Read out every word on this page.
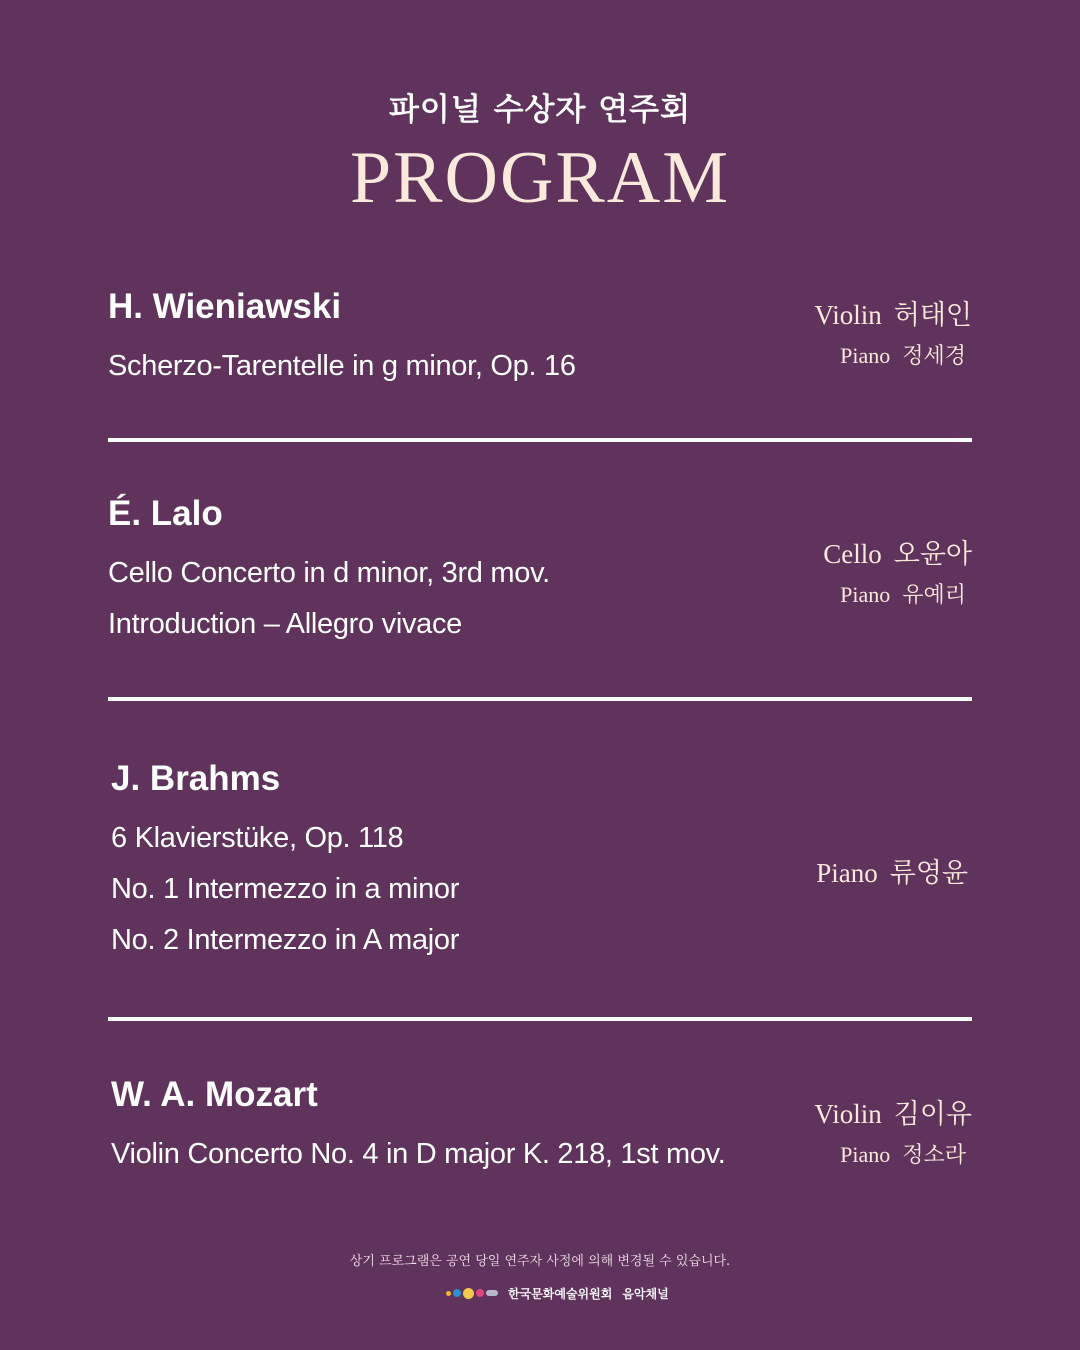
파이널 수상자 연주회
PROGRAM
H. Wieniawski
Scherzo-Tarentelle in g minor, Op. 16
Violin 허태인
Piano 정세경
É. Lalo
Cello Concerto in d minor, 3rd mov.
Introduction – Allegro vivace
Cello 오윤아
Piano 유예리
J. Brahms
6 Klavierstüke, Op. 118
No. 1 Intermezzo in a minor
No. 2 Intermezzo in A major
Piano 류영윤
W. A. Mozart
Violin Concerto No. 4 in D major K. 218, 1st mov.
Violin 김이유
Piano 정소라
상기 프로그램은 공연 당일 연주자 사정에 의해 변경될 수 있습니다.
한국문화예술위원회 음악채널
